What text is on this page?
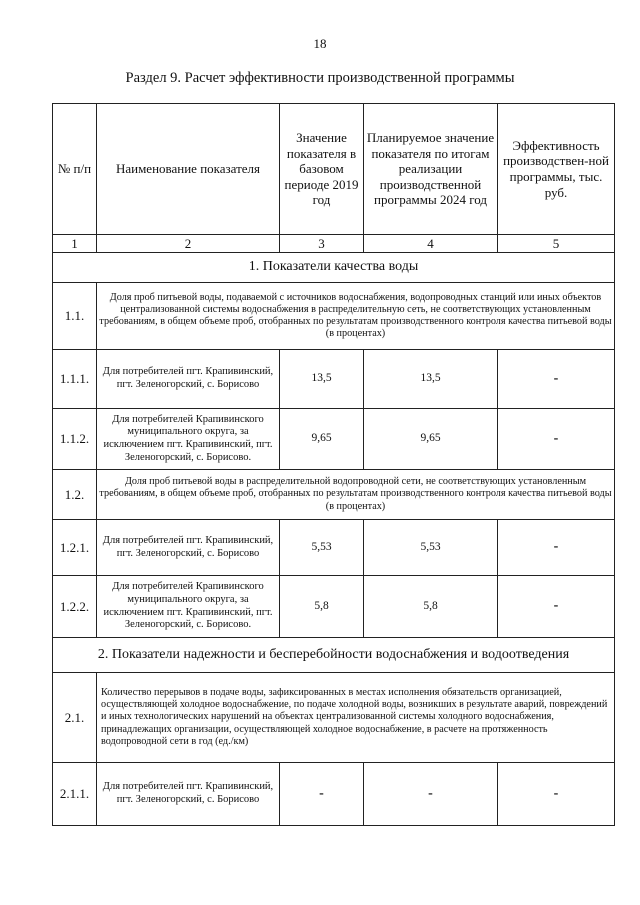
18
Раздел 9. Расчет эффективности производственной программы
№ п/п	Наименование показателя	Значение показателя в базовом периоде 2019 год	Планируемое значение показателя по итогам реализации производственной программы 2024 год	Эффективность производствен-ной программы, тыс. руб.
1	2	3	4	5
1. Показатели качества воды				
1.1.	Доля проб питьевой воды, подаваемой с источников водоснабжения, водопроводных станций или иных объектов централизованной системы водоснабжения в распределительную сеть, не соответствующих установленным требованиям, в общем объеме проб, отобранных по результатам производственного контроля качества питьевой воды (в процентах)			
1.1.1.	Для потребителей пгт. Крапивинский, пгт. Зеленогорский, с. Борисово	13,5	13,5	-
1.1.2.	Для потребителей Крапивинского муниципального округа, за исключением пгт. Крапивинский, пгт. Зеленогорский, с. Борисово.	9,65	9,65	-
1.2.	Доля проб питьевой воды в распределительной водопроводной сети, не соответствующих установленным требованиям, в общем объеме проб, отобранных по результатам производственного контроля качества питьевой воды (в процентах)			
1.2.1.	Для потребителей пгт. Крапивинский, пгт. Зеленогорский, с. Борисово	5,53	5,53	-
1.2.2.	Для потребителей Крапивинского муниципального округа, за исключением пгт. Крапивинский, пгт. Зеленогорский, с. Борисово.	5,8	5,8	-
2. Показатели надежности и бесперебойности водоснабжения и водоотведения				
2.1.	Количество перерывов в подаче воды, зафиксированных в местах исполнения обязательств организацией, осуществляющей холодное водоснабжение, по подаче холодной воды, возникших в результате аварий, повреждений и иных технологических нарушений на объектах централизованной системы холодного водоснабжения, принадлежащих организации, осуществляющей холодное водоснабжение, в расчете на протяженность водопроводной сети в год (ед./км)			
2.1.1.	Для потребителей пгт. Крапивинский, пгт. Зеленогорский, с. Борисово	-	-	-
